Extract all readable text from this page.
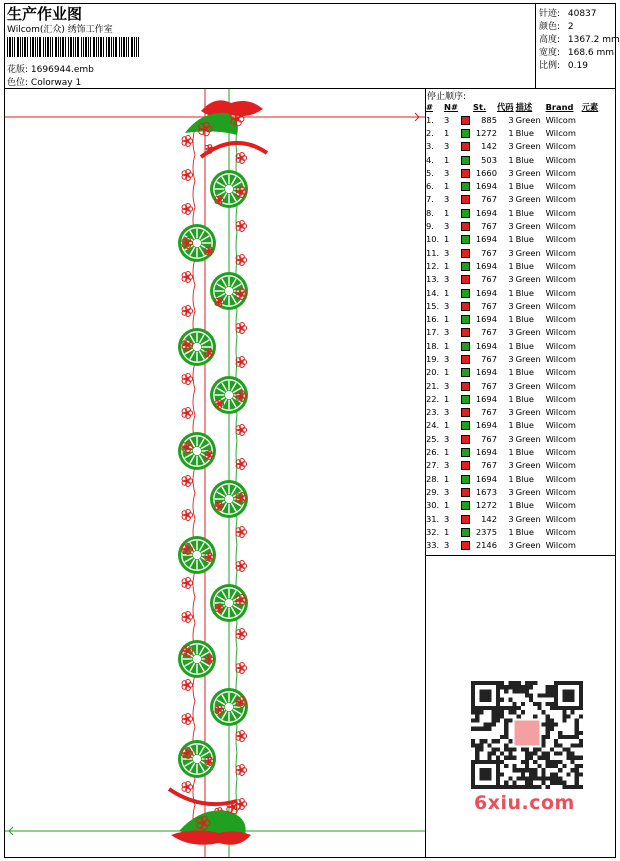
生产作业图
Wilcom(汇众) 绣饰工作室
花版: 1696944.emb
色位: Colorway 1
针迹: 40837
颜色: 2
高度: 1367.2 mm
宽度: 168.6 mm
比例: 0.19
停止顺序:
#	N#		St.	代码	描述	Brand	元素
1.	3		885	3	Green	Wilcom	
2.	1		1272	1	Blue	Wilcom	
3.	3		142	3	Green	Wilcom	
4.	1		503	1	Blue	Wilcom	
5.	3		1660	3	Green	Wilcom	
6.	1		1694	1	Blue	Wilcom	
7.	3		767	3	Green	Wilcom	
8.	1		1694	1	Blue	Wilcom	
9.	3		767	3	Green	Wilcom	
10.	1		1694	1	Blue	Wilcom	
11.	3		767	3	Green	Wilcom	
12.	1		1694	1	Blue	Wilcom	
13.	3		767	3	Green	Wilcom	
14.	1		1694	1	Blue	Wilcom	
15.	3		767	3	Green	Wilcom	
16.	1		1694	1	Blue	Wilcom	
17.	3		767	3	Green	Wilcom	
18.	1		1694	1	Blue	Wilcom	
19.	3		767	3	Green	Wilcom	
20.	1		1694	1	Blue	Wilcom	
21.	3		767	3	Green	Wilcom	
22.	1		1694	1	Blue	Wilcom	
23.	3		767	3	Green	Wilcom	
24.	1		1694	1	Blue	Wilcom	
25.	3		767	3	Green	Wilcom	
26.	1		1694	1	Blue	Wilcom	
27.	3		767	3	Green	Wilcom	
28.	1		1694	1	Blue	Wilcom	
29.	3		1673	3	Green	Wilcom	
30.	1		1272	1	Blue	Wilcom	
31.	3		142	3	Green	Wilcom	
32.	1		2375	1	Blue	Wilcom	
33.	3		2146	3	Green	Wilcom	
6xiu.com
